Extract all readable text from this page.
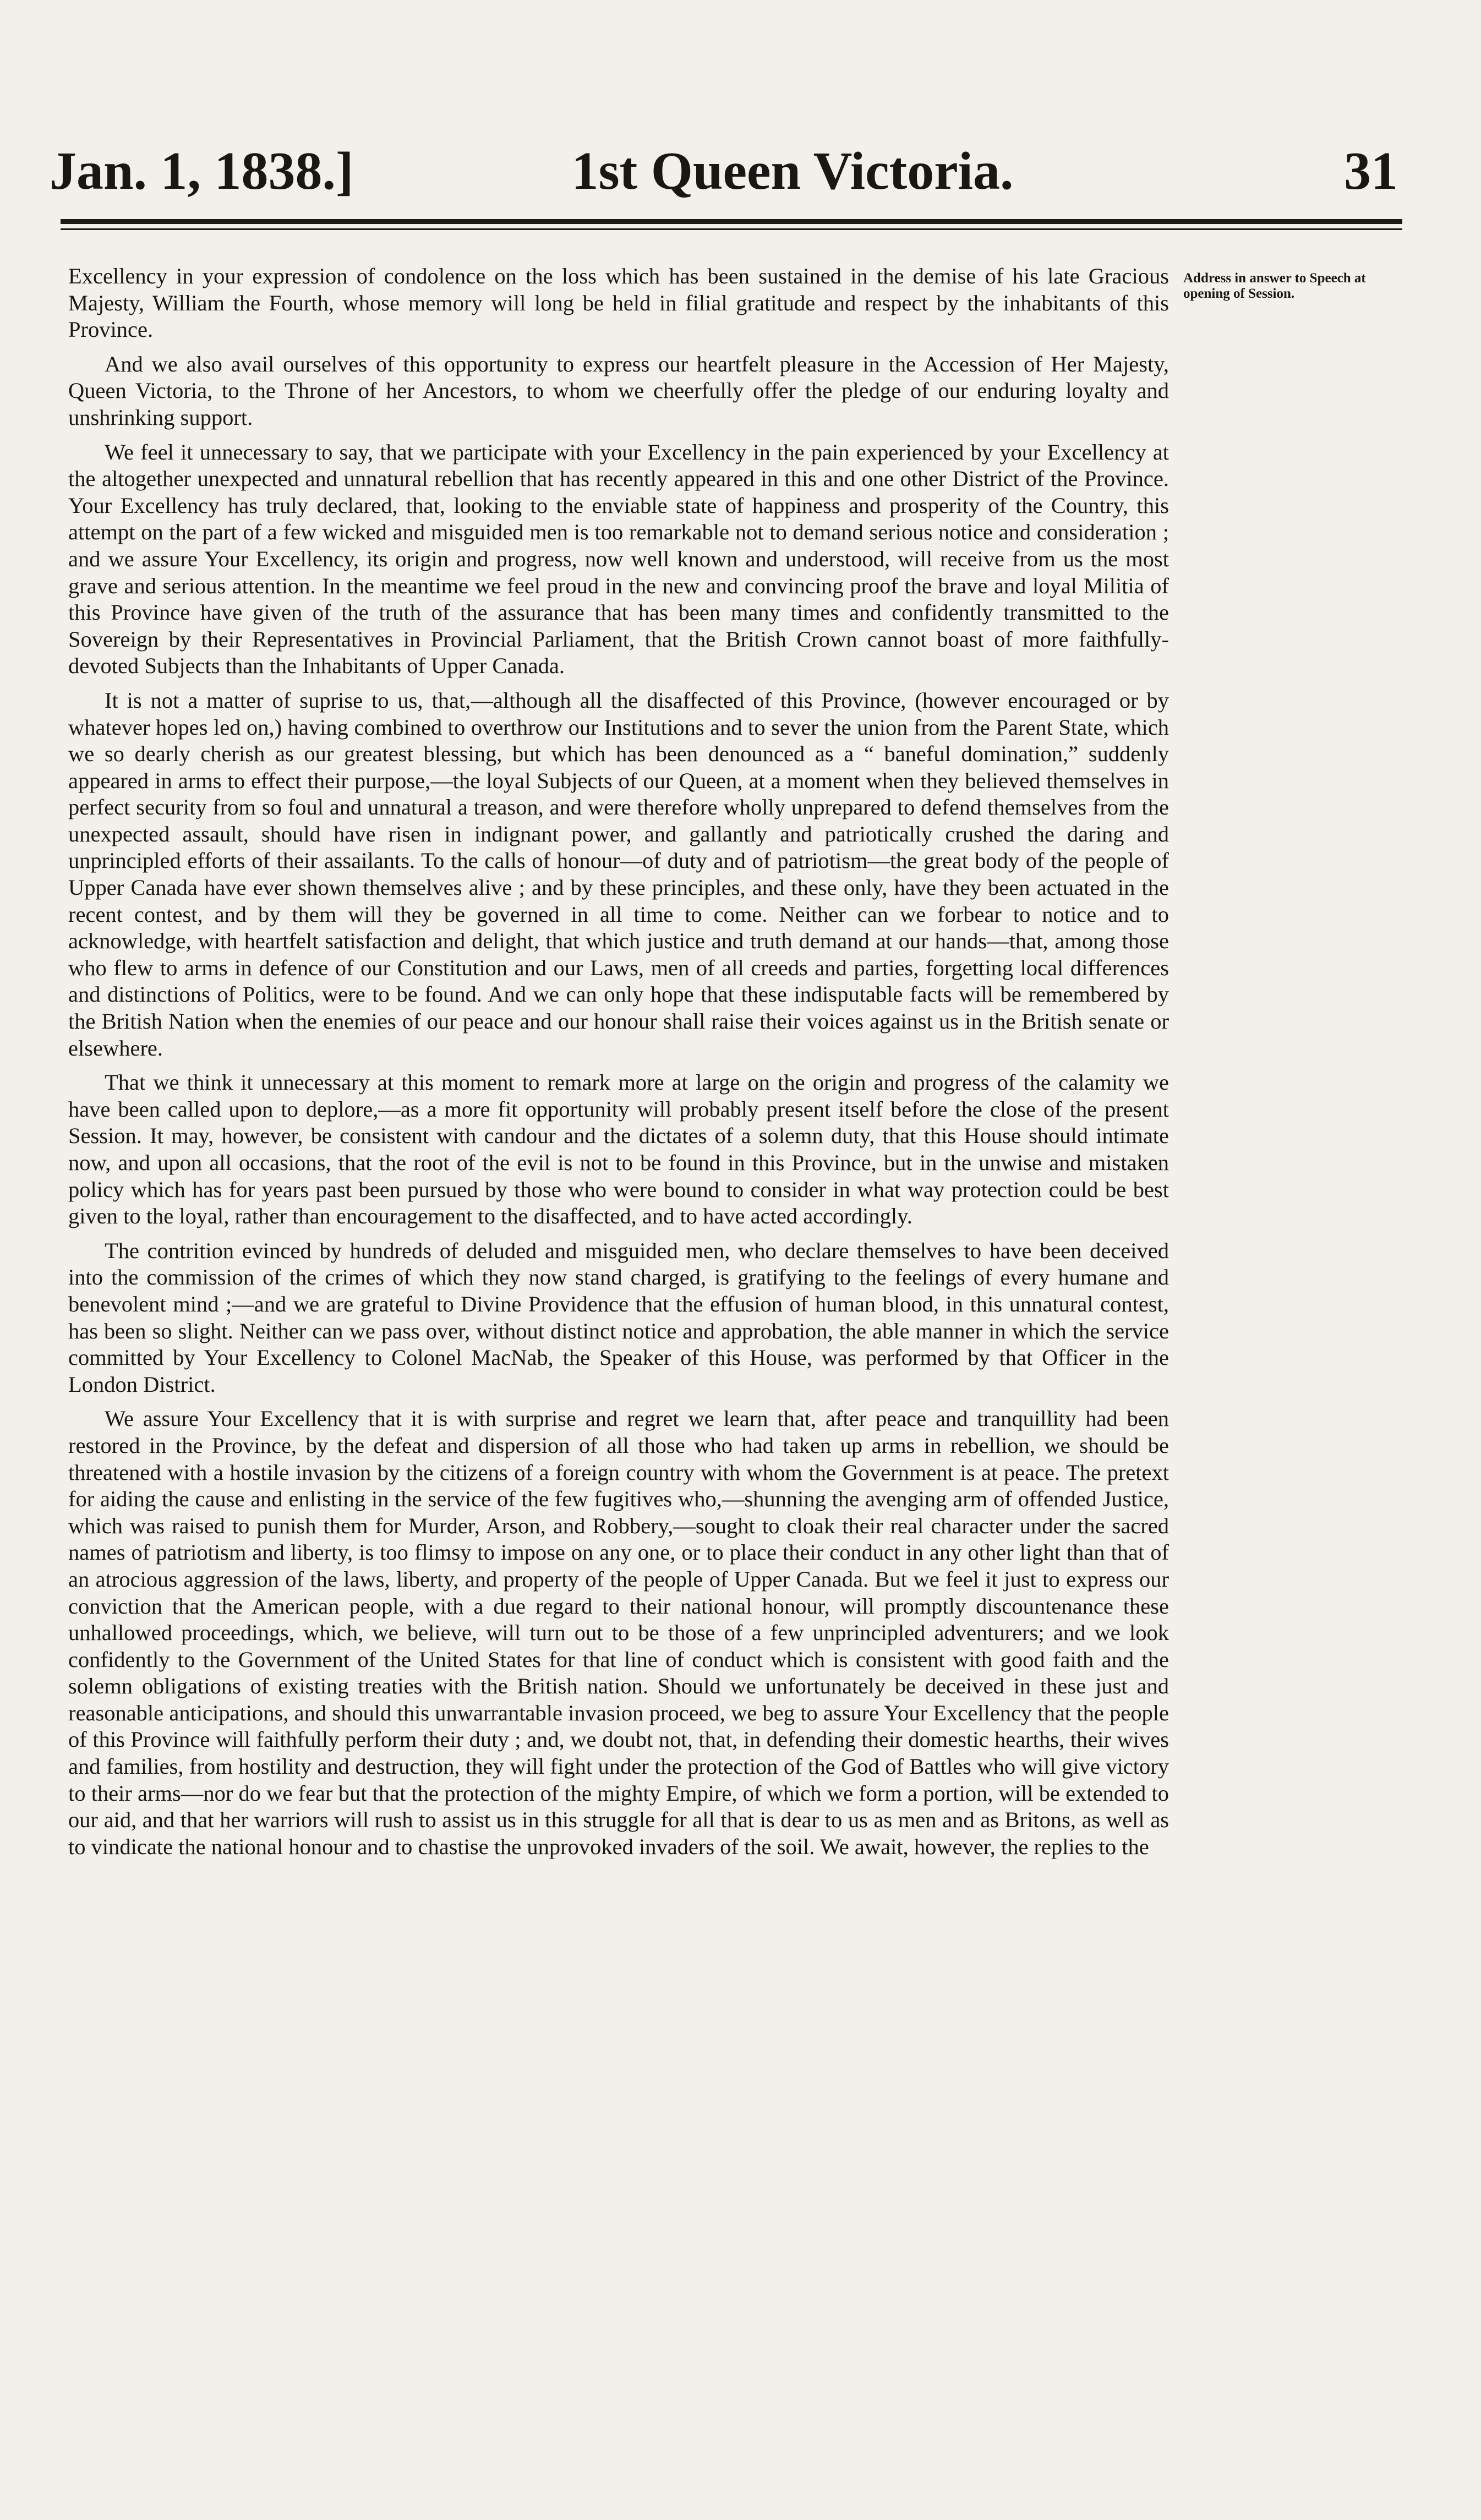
Jan. 1, 1838.]	1st Queen Victoria.	31
Address in answer to Speech at opening of Session.

Excellency in your expression of condolence on the loss which has been sustained in the demise of his late Gracious Majesty, William the Fourth, whose memory will long be held in filial gratitude and respect by the inhabitants of this Province.

And we also avail ourselves of this opportunity to express our heartfelt pleasure in the Accession of Her Majesty, Queen Victoria, to the Throne of her Ancestors, to whom we cheerfully offer the pledge of our enduring loyalty and unshrinking support.

We feel it unnecessary to say, that we participate with your Excellency in the pain experienced by your Excellency at the altogether unexpected and unnatural rebellion that has recently appeared in this and one other District of the Province. Your Excellency has truly declared, that, looking to the enviable state of happiness and prosperity of the Country, this attempt on the part of a few wicked and misguided men is too remarkable not to demand serious notice and consideration ; and we assure Your Excellency, its origin and progress, now well known and understood, will receive from us the most grave and serious attention. In the meantime we feel proud in the new and convincing proof the brave and loyal Militia of this Province have given of the truth of the assurance that has been many times and confidently transmitted to the Sovereign by their Representatives in Provincial Parliament, that the British Crown cannot boast of more faithfully-devoted Subjects than the Inhabitants of Upper Canada.

It is not a matter of suprise to us, that,—although all the disaffected of this Province, (however encouraged or by whatever hopes led on,) having combined to overthrow our Institutions and to sever the union from the Parent State, which we so dearly cherish as our greatest blessing, but which has been denounced as a “ baneful domination,” suddenly appeared in arms to effect their purpose,—the loyal Subjects of our Queen, at a moment when they believed themselves in perfect security from so foul and unnatural a treason, and were therefore wholly unprepared to defend themselves from the unexpected assault, should have risen in indignant power, and gallantly and patriotically crushed the daring and unprincipled efforts of their assailants. To the calls of honour—of duty and of patriotism—the great body of the people of Upper Canada have ever shown themselves alive ; and by these principles, and these only, have they been actuated in the recent contest, and by them will they be governed in all time to come. Neither can we forbear to notice and to acknowledge, with heartfelt satisfaction and delight, that which justice and truth demand at our hands—that, among those who flew to arms in defence of our Constitution and our Laws, men of all creeds and parties, forgetting local differences and distinctions of Politics, were to be found. And we can only hope that these indisputable facts will be remembered by the British Nation when the enemies of our peace and our honour shall raise their voices against us in the British senate or elsewhere.

That we think it unnecessary at this moment to remark more at large on the origin and progress of the calamity we have been called upon to deplore,—as a more fit opportunity will probably present itself before the close of the present Session. It may, however, be consistent with candour and the dictates of a solemn duty, that this House should intimate now, and upon all occasions, that the root of the evil is not to be found in this Province, but in the unwise and mistaken policy which has for years past been pursued by those who were bound to consider in what way protection could be best given to the loyal, rather than encouragement to the disaffected, and to have acted accordingly.

The contrition evinced by hundreds of deluded and misguided men, who declare themselves to have been deceived into the commission of the crimes of which they now stand charged, is gratifying to the feelings of every humane and benevolent mind ;—and we are grateful to Divine Providence that the effusion of human blood, in this unnatural contest, has been so slight. Neither can we pass over, without distinct notice and approbation, the able manner in which the service committed by Your Excellency to Colonel MacNab, the Speaker of this House, was performed by that Officer in the London District.

We assure Your Excellency that it is with surprise and regret we learn that, after peace and tranquillity had been restored in the Province, by the defeat and dispersion of all those who had taken up arms in rebellion, we should be threatened with a hostile invasion by the citizens of a foreign country with whom the Government is at peace. The pretext for aiding the cause and enlisting in the service of the few fugitives who,—shunning the avenging arm of offended Justice, which was raised to punish them for Murder, Arson, and Robbery,—sought to cloak their real character under the sacred names of patriotism and liberty, is too flimsy to impose on any one, or to place their conduct in any other light than that of an atrocious aggression of the laws, liberty, and property of the people of Upper Canada. But we feel it just to express our conviction that the American people, with a due regard to their national honour, will promptly discountenance these unhallowed proceedings, which, we believe, will turn out to be those of a few unprincipled adventurers; and we look confidently to the Government of the United States for that line of conduct which is consistent with good faith and the solemn obligations of existing treaties with the British nation. Should we unfortunately be deceived in these just and reasonable anticipations, and should this unwarrantable invasion proceed, we beg to assure Your Excellency that the people of this Province will faithfully perform their duty ; and, we doubt not, that, in defending their domestic hearths, their wives and families, from hostility and destruction, they will fight under the protection of the God of Battles who will give victory to their arms—nor do we fear but that the protection of the mighty Empire, of which we form a portion, will be extended to our aid, and that her warriors will rush to assist us in this struggle for all that is dear to us as men and as Britons, as well as to vindicate the national honour and to chastise the unprovoked invaders of the soil. We await, however, the replies to the
